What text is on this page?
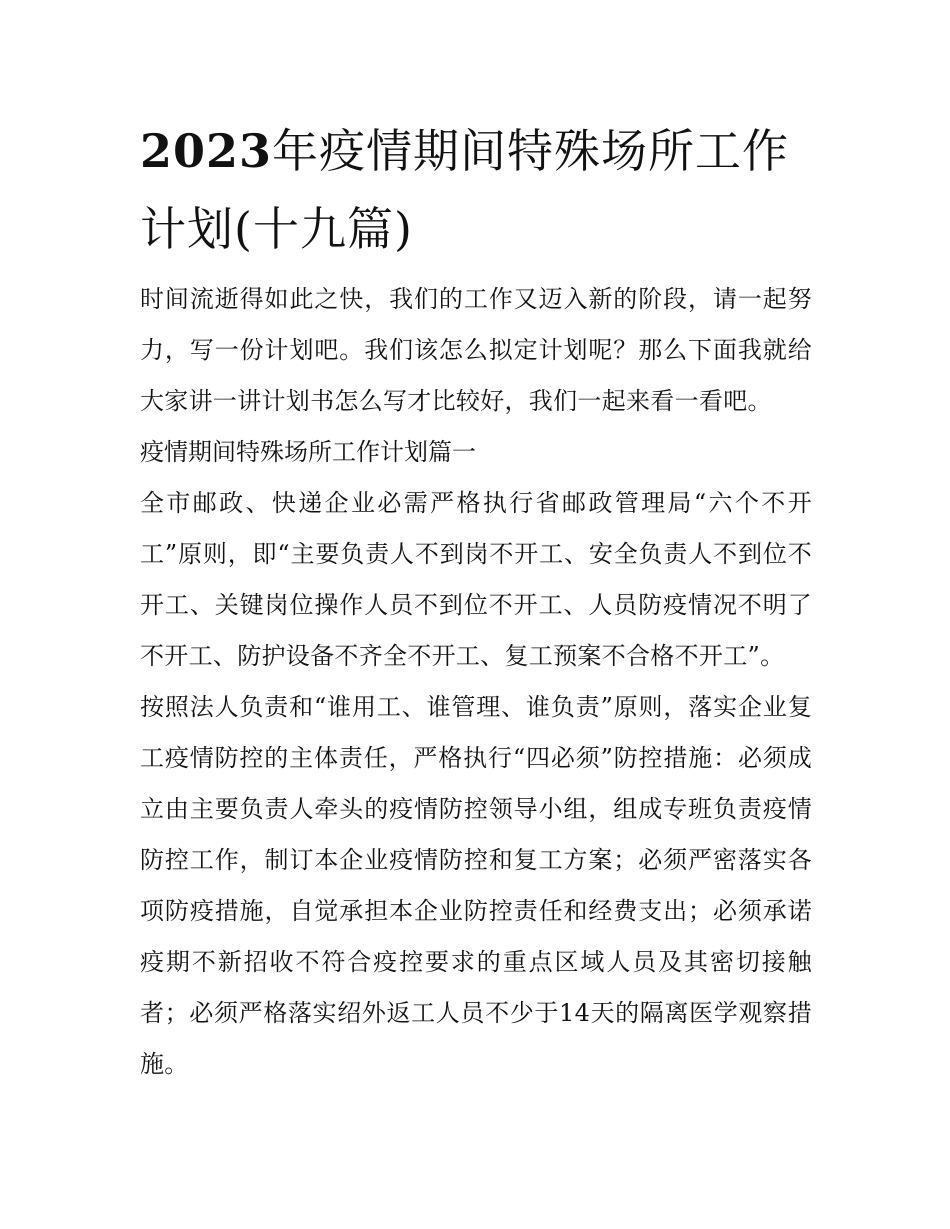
2023年疫情期间特殊场所工作计划(十九篇)

时间流逝得如此之快，我们的工作又迈入新的阶段，请一起努力，写一份计划吧。我们该怎么拟定计划呢？那么下面我就给大家讲一讲计划书怎么写才比较好，我们一起来看一看吧。

疫情期间特殊场所工作计划篇一

全市邮政、快递企业必需严格执行省邮政管理局“六个不开工”原则，即“主要负责人不到岗不开工、安全负责人不到位不开工、关键岗位操作人员不到位不开工、人员防疫情况不明了不开工、防护设备不齐全不开工、复工预案不合格不开工”。

按照法人负责和“谁用工、谁管理、谁负责”原则，落实企业复工疫情防控的主体责任，严格执行“四必须”防控措施：必须成立由主要负责人牵头的疫情防控领导小组，组成专班负责疫情防控工作，制订本企业疫情防控和复工方案；必须严密落实各项防疫措施，自觉承担本企业防控责任和经费支出；必须承诺疫期不新招收不符合疫控要求的重点区域人员及其密切接触者；必须严格落实绍外返工人员不少于14天的隔离医学观察措施。
